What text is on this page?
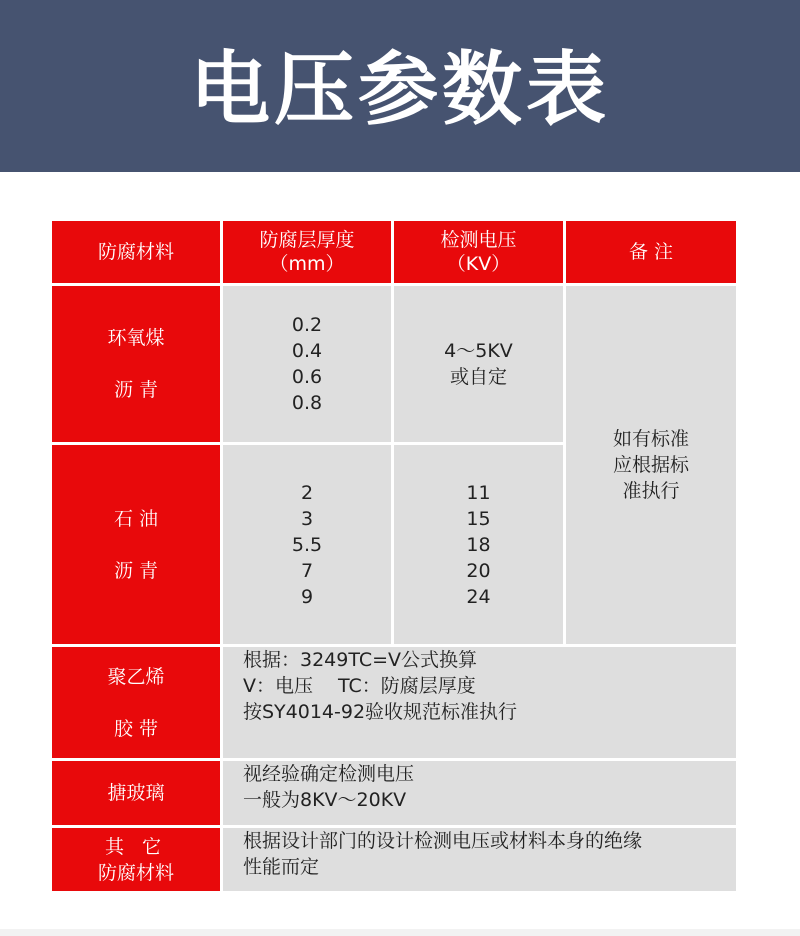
电压参数表
防腐材料
防腐层厚度
（mm）
检测电压
（KV）
备 注
环氧煤
沥 青
0.2
0.4
0.6
0.8
4～5KV
或自定
如有标准
应根据标
准执行
石 油
沥 青
2
3
5.5
7
9
11
15
18
20
24
聚乙烯
胶 带
根据：3249TC=V公式换算
V：电压　 TC：防腐层厚度
按SY4014-92验收规范标准执行
搪玻璃
视经验确定检测电压
一般为8KV～20KV
其 它
防腐材料
根据设计部门的设计检测电压或材料本身的绝缘
性能而定
